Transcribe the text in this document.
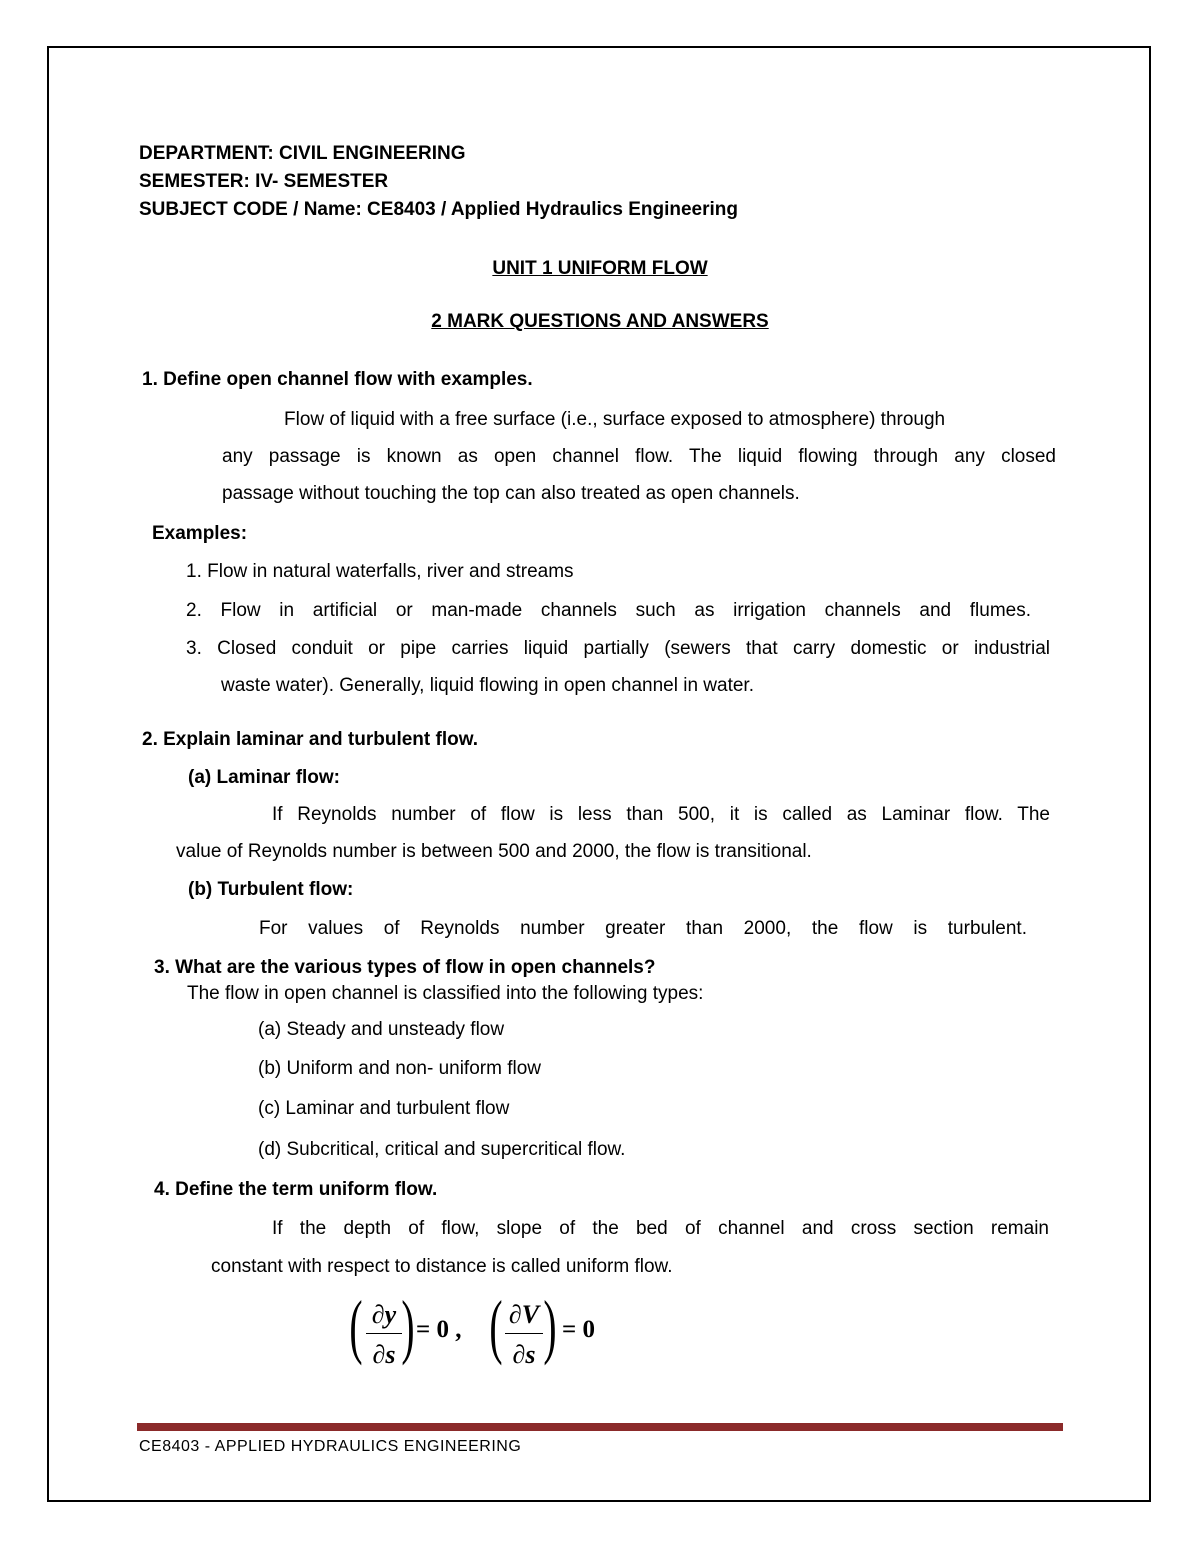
DEPARTMENT: CIVIL ENGINEERING
SEMESTER: IV- SEMESTER
SUBJECT CODE / Name: CE8403 / Applied Hydraulics Engineering
UNIT 1 UNIFORM FLOW
2 MARK QUESTIONS AND ANSWERS
1. Define open channel flow with examples.
Flow of liquid with a free surface (i.e., surface exposed to atmosphere) through
any passage is known as open channel flow. The liquid flowing through any closed
passage without touching the top can also treated as open channels.
Examples:
1. Flow in natural waterfalls, river and streams
2. Flow in artificial or man-made channels such as irrigation channels and flumes.
3. Closed conduit or pipe carries liquid partially (sewers that carry domestic or industrial
waste water). Generally, liquid flowing in open channel in water.
2. Explain laminar and turbulent flow.
(a) Laminar flow:
If Reynolds number of flow is less than 500, it is called as Laminar flow. The
value of Reynolds number is between 500 and 2000, the flow is transitional.
(b) Turbulent flow:
For values of Reynolds number greater than 2000, the flow is turbulent.
3. What are the various types of flow in open channels?
The flow in open channel is classified into the following types:
(a) Steady and unsteady flow
(b) Uniform and non- uniform flow
(c) Laminar and turbulent flow
(d) Subcritical, critical and supercritical flow.
4. Define the term uniform flow.
If the depth of flow, slope of the bed of channel and cross section remain
constant with respect to distance is called uniform flow.
( ∂y
∂s ) = 0 , ( ∂V
∂s ) = 0
CE8403 - APPLIED HYDRAULICS ENGINEERING
